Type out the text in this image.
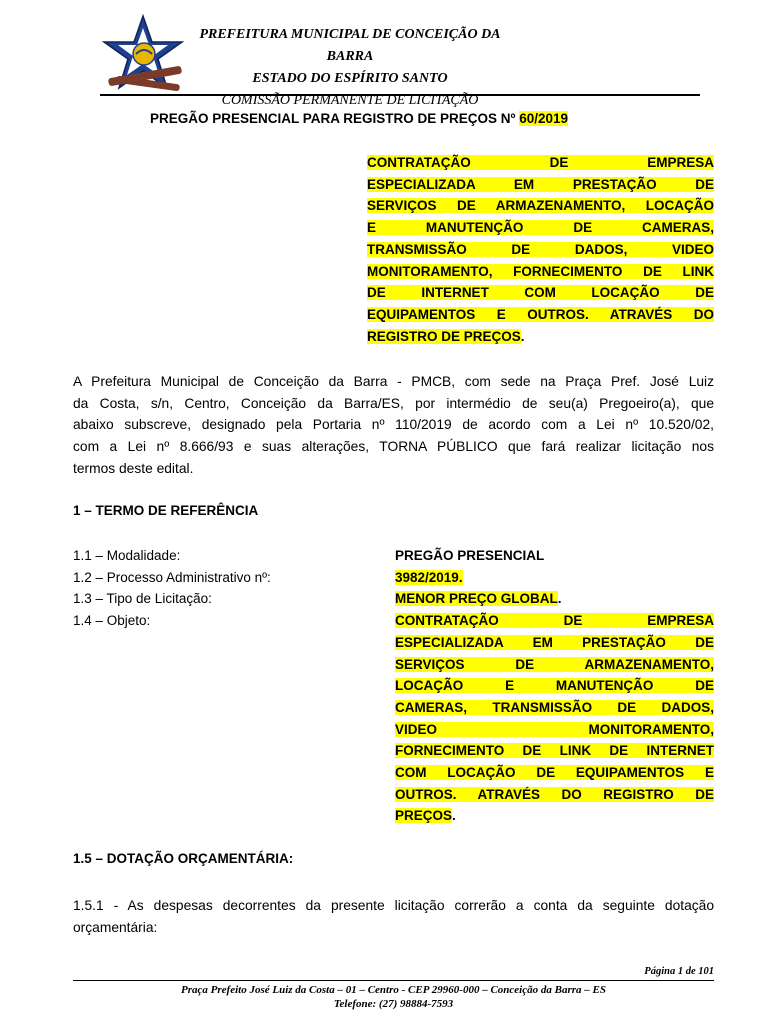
PREFEITURA MUNICIPAL DE CONCEIÇÃO DA BARRA
ESTADO DO ESPÍRITO SANTO
COMISSÃO PERMANENTE DE LICITAÇÃO
PREGÃO PRESENCIAL PARA REGISTRO DE PREÇOS Nº 60/2019
CONTRATAÇÃO DE EMPRESA
ESPECIALIZADA EM PRESTAÇÃO DE
SERVIÇOS DE ARMAZENAMENTO, LOCAÇÃO
E MANUTENÇÃO DE CAMERAS,
TRANSMISSÃO DE DADOS, VIDEO
MONITORAMENTO, FORNECIMENTO DE LINK
DE INTERNET COM LOCAÇÃO DE
EQUIPAMENTOS E OUTROS. ATRAVÉS DO
REGISTRO DE PREÇOS.
A Prefeitura Municipal de Conceição da Barra - PMCB, com sede na Praça Pref. José Luiz
da Costa, s/n, Centro, Conceição da Barra/ES, por intermédio de seu(a) Pregoeiro(a), que
abaixo subscreve, designado pela Portaria nº 110/2019 de acordo com a Lei nº 10.520/02,
com a Lei nº 8.666/93 e suas alterações, TORNA PÚBLICO que fará realizar licitação nos
termos deste edital.
1 – TERMO DE REFERÊNCIA
1.1 – Modalidade:
1.2 – Processo Administrativo nº:
1.3 – Tipo de Licitação:
1.4 – Objeto:
PREGÃO PRESENCIAL
3982/2019.
MENOR PREÇO GLOBAL.
CONTRATAÇÃO DE EMPRESA
ESPECIALIZADA EM PRESTAÇÃO DE
SERVIÇOS DE ARMAZENAMENTO,
LOCAÇÃO E MANUTENÇÃO DE
CAMERAS, TRANSMISSÃO DE DADOS,
VIDEO MONITORAMENTO,
FORNECIMENTO DE LINK DE INTERNET
COM LOCAÇÃO DE EQUIPAMENTOS E
OUTROS. ATRAVÉS DO REGISTRO DE
PREÇOS.
1.5 – DOTAÇÃO ORÇAMENTÁRIA:
1.5.1 - As despesas decorrentes da presente licitação correrão a conta da seguinte dotação
orçamentária:
Página 1 de 101
Praça Prefeito José Luiz da Costa – 01 – Centro - CEP 29960-000 – Conceição da Barra – ES
Telefone: (27) 98884-7593
